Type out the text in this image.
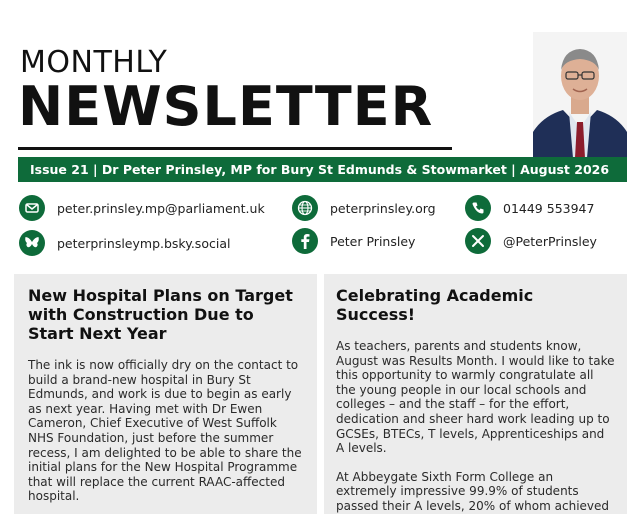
MONTHLY
NEWSLETTER
Issue 21 | Dr Peter Prinsley, MP for Bury St Edmunds & Stowmarket | August 2026
peter.prinsley.mp@parliament.uk	peterprinsley.org	01449 553947
peterprinsleymp.bsky.social	Peter Prinsley	@PeterPrinsley
New Hospital Plans on Target with Construction Due to Start Next Year

The ink is now officially dry on the contact to build a brand-new hospital in Bury St Edmunds, and work is due to begin as early as next year. Having met with Dr Ewen Cameron, Chief Executive of West Suffolk NHS Foundation, just before the summer recess, I am delighted to be able to share the initial plans for the New Hospital Programme that will replace the current RAAC-affected hospital.

Celebrating Academic Success!

As teachers, parents and students know, August was Results Month. I would like to take this opportunity to warmly congratulate all the young people in our local schools and colleges – and the staff – for the effort, dedication and sheer hard work leading up to GCSEs, BTECs, T levels, Apprenticeships and A levels.

At Abbeygate Sixth Form College an extremely impressive 99.9% of students passed their A levels, 20% of whom achieved
